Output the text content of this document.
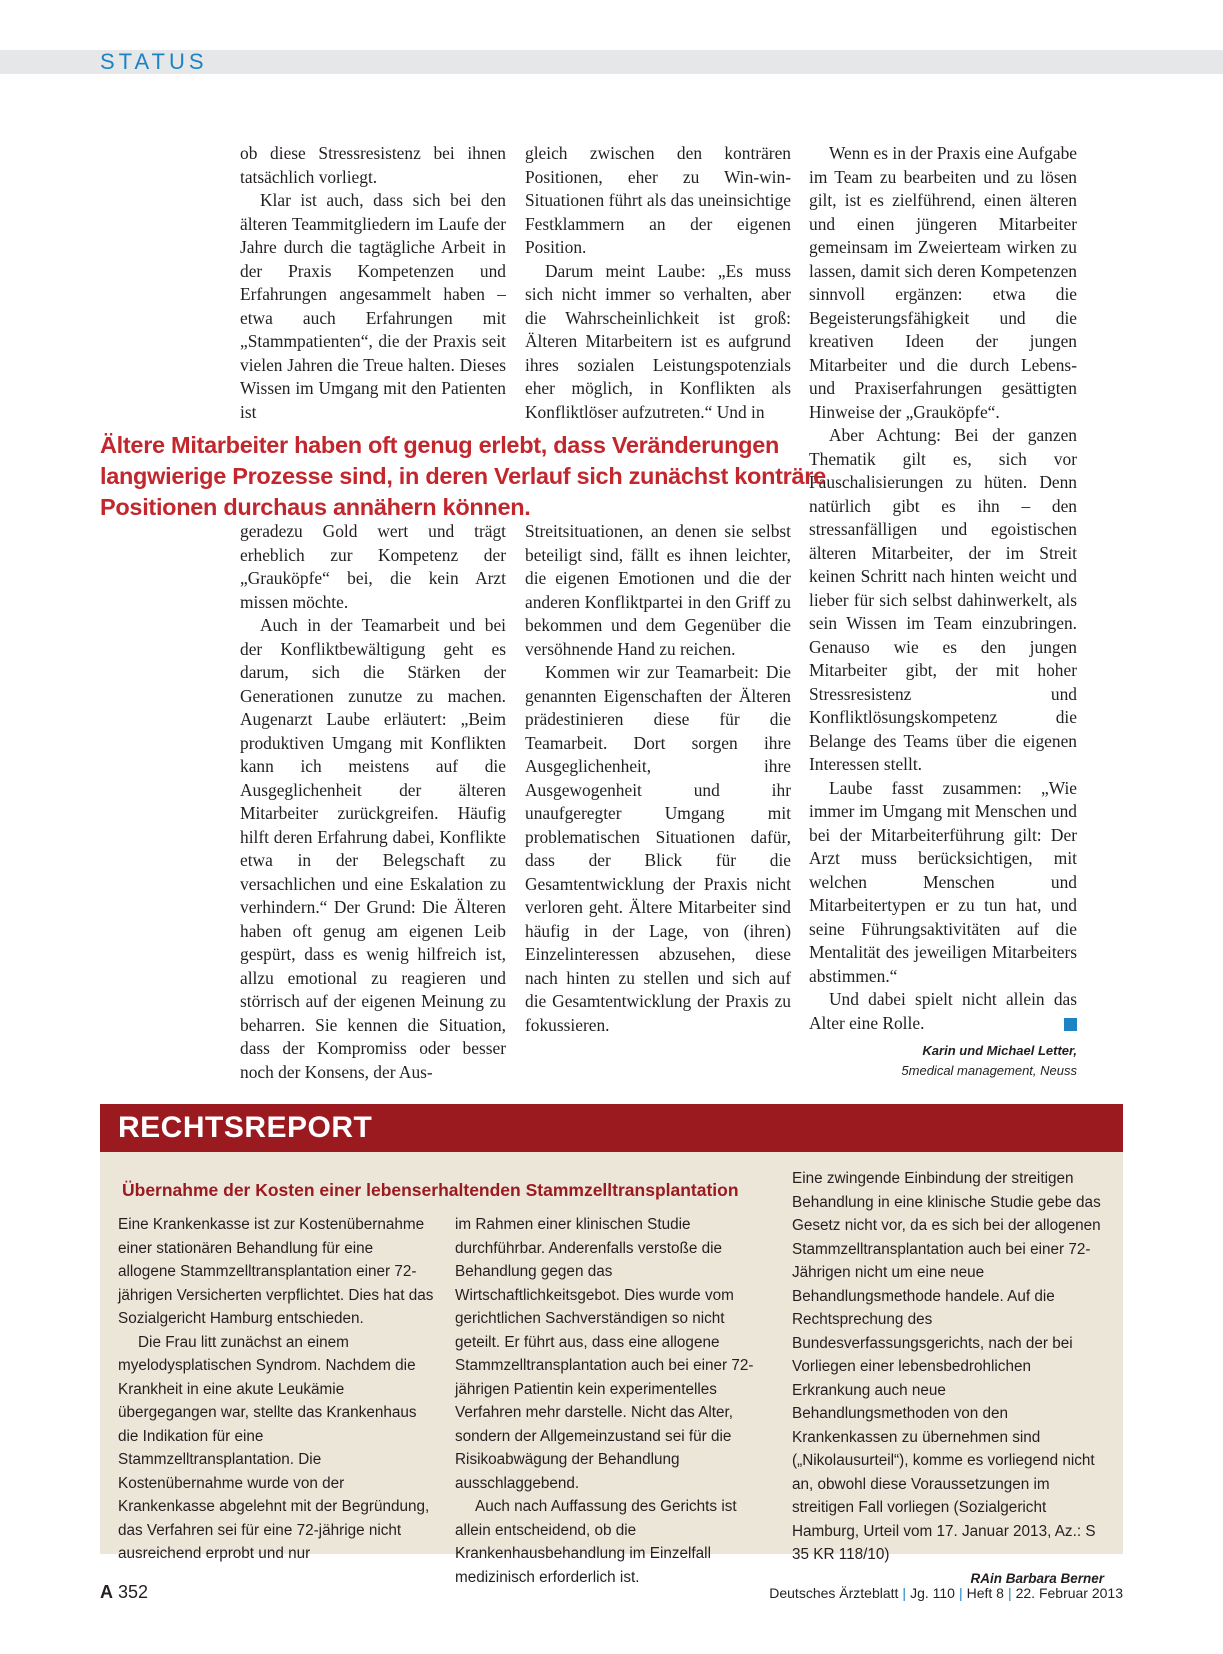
STATUS

ob diese Stressresistenz bei ihnen tatsächlich vorliegt.

Klar ist auch, dass sich bei den älteren Teammitgliedern im Laufe der Jahre durch die tagtägliche Arbeit in der Praxis Kompetenzen und Erfahrungen angesammelt haben – etwa auch Erfahrungen mit „Stammpatienten“, die der Praxis seit vielen Jahren die Treue halten. Dieses Wissen im Umgang mit den Patienten ist

gleich zwischen den konträren Positionen, eher zu Win-win-Situationen führt als das uneinsichtige Festklammern an der eigenen Position.

Darum meint Laube: „Es muss sich nicht immer so verhalten, aber die Wahrscheinlichkeit ist groß: Älteren Mitarbeitern ist es aufgrund ihres sozialen Leistungspotenzials eher möglich, in Konflikten als Konfliktlöser aufzutreten.“ Und in

Wenn es in der Praxis eine Aufgabe im Team zu bearbeiten und zu lösen gilt, ist es zielführend, einen älteren und einen jüngeren Mitarbeiter gemeinsam im Zweierteam wirken zu lassen, damit sich deren Kompetenzen sinnvoll ergänzen: etwa die Begeisterungsfähigkeit und die kreativen Ideen der jungen Mitarbeiter und die durch Lebens- und Praxiserfahrungen gesättigten Hinweise der „Grauköpfe“.

Aber Achtung: Bei der ganzen Thematik gilt es, sich vor Pauschalisierungen zu hüten. Denn natürlich gibt es ihn – den stressanfälligen und egoistischen älteren Mitarbeiter, der im Streit keinen Schritt nach hinten weicht und lieber für sich selbst dahinwerkelt, als sein Wissen im Team einzubringen. Genauso wie es den jungen Mitarbeiter gibt, der mit hoher Stressresistenz und Konfliktlösungskompetenz die Belange des Teams über die eigenen Interessen stellt.

Laube fasst zusammen: „Wie immer im Umgang mit Menschen und bei der Mitarbeiterführung gilt: Der Arzt muss berücksichtigen, mit welchen Menschen und Mitarbeitertypen er zu tun hat, und seine Führungsaktivitäten auf die Mentalität des jeweiligen Mitarbeiters abstimmen.“

Und dabei spielt nicht allein das Alter eine Rolle.

Karin und Michael Letter,
5medical management, Neuss
Ältere Mitarbeiter haben oft genug erlebt, dass Veränderungen langwierige Prozesse sind, in deren Verlauf sich zunächst konträre Positionen durchaus annähern können.

geradezu Gold wert und trägt erheblich zur Kompetenz der „Grauköpfe“ bei, die kein Arzt missen möchte.

Auch in der Teamarbeit und bei der Konfliktbewältigung geht es darum, sich die Stärken der Generationen zunutze zu machen. Augenarzt Laube erläutert: „Beim produktiven Umgang mit Konflikten kann ich meistens auf die Ausgeglichenheit der älteren Mitarbeiter zurückgreifen. Häufig hilft deren Erfahrung dabei, Konflikte etwa in der Belegschaft zu versachlichen und eine Eskalation zu verhindern.“ Der Grund: Die Älteren haben oft genug am eigenen Leib gespürt, dass es wenig hilfreich ist, allzu emotional zu reagieren und störrisch auf der eigenen Meinung zu beharren. Sie kennen die Situation, dass der Kompromiss oder besser noch der Konsens, der Aus-

Streitsituationen, an denen sie selbst beteiligt sind, fällt es ihnen leichter, die eigenen Emotionen und die der anderen Konfliktpartei in den Griff zu bekommen und dem Gegenüber die versöhnende Hand zu reichen.

Kommen wir zur Teamarbeit: Die genannten Eigenschaften der Älteren prädestinieren diese für die Teamarbeit. Dort sorgen ihre Ausgeglichenheit, ihre Ausgewogenheit und ihr unaufgeregter Umgang mit problematischen Situationen dafür, dass der Blick für die Gesamtentwicklung der Praxis nicht verloren geht. Ältere Mitarbeiter sind häufig in der Lage, von (ihren) Einzelinteressen abzusehen, diese nach hinten zu stellen und sich auf die Gesamtentwicklung der Praxis zu fokussieren.

RECHTSREPORT
Übernahme der Kosten einer lebenserhaltenden Stammzelltransplantation

Eine Krankenkasse ist zur Kostenübernahme einer stationären Behandlung für eine allogene Stammzelltransplantation einer 72-jährigen Versicherten verpflichtet. Dies hat das Sozialgericht Hamburg entschieden.

Die Frau litt zunächst an einem myelodysplatischen Syndrom. Nachdem die Krankheit in eine akute Leukämie übergegangen war, stellte das Krankenhaus die Indikation für eine Stammzelltransplantation. Die Kostenübernahme wurde von der Krankenkasse abgelehnt mit der Begründung, das Verfahren sei für eine 72-jährige nicht ausreichend erprobt und nur

im Rahmen einer klinischen Studie durchführbar. Anderenfalls verstoße die Behandlung gegen das Wirtschaftlichkeitsgebot. Dies wurde vom gerichtlichen Sachverständigen so nicht geteilt. Er führt aus, dass eine allogene Stammzelltransplantation auch bei einer 72-jährigen Patientin kein experimentelles Verfahren mehr darstelle. Nicht das Alter, sondern der Allgemeinzustand sei für die Risikoabwägung der Behandlung ausschlaggebend.

Auch nach Auffassung des Gerichts ist allein entscheidend, ob die Krankenhausbehandlung im Einzelfall medizinisch erforderlich ist.

Eine zwingende Einbindung der streitigen Behandlung in eine klinische Studie gebe das Gesetz nicht vor, da es sich bei der allogenen Stammzelltransplantation auch bei einer 72-Jährigen nicht um eine neue Behandlungsmethode handele. Auf die Rechtsprechung des Bundesverfassungsgerichts, nach der bei Vorliegen einer lebensbedrohlichen Erkrankung auch neue Behandlungsmethoden von den Krankenkassen zu übernehmen sind („Nikolausurteil“), komme es vorliegend nicht an, obwohl diese Voraussetzungen im streitigen Fall vorliegen (Sozialgericht Hamburg, Urteil vom 17. Januar 2013, Az.: S 35 KR 118/10)

RAin Barbara Berner

A 352	Deutsches Ärzteblatt | Jg. 110 | Heft 8 | 22. Februar 2013
